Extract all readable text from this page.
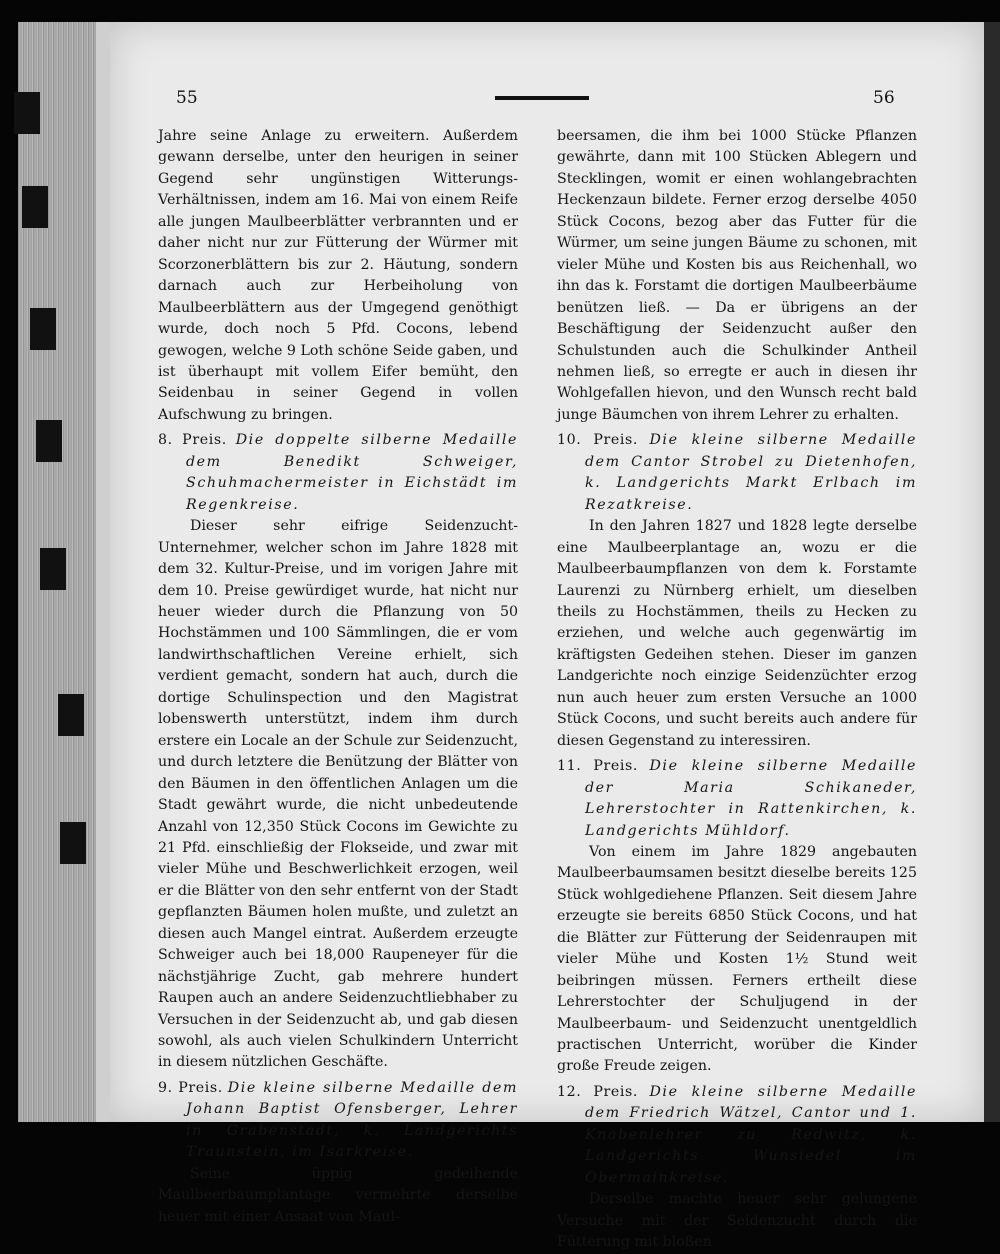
55	56

Jahre seine Anlage zu erweitern. Außerdem gewann derselbe, unter den heurigen in seiner Gegend sehr ungünstigen Witterungs-Verhältnissen, indem am 16. Mai von einem Reife alle jungen Maulbeerblätter verbrannten und er daher nicht nur zur Fütterung der Würmer mit Scorzonerblättern bis zur 2. Häutung, sondern darnach auch zur Herbeiholung von Maulbeerblättern aus der Umgegend genöthigt wurde, doch noch 5 Pfd. Cocons, lebend gewogen, welche 9 Loth schöne Seide gaben, und ist überhaupt mit vollem Eifer bemüht, den Seidenbau in seiner Gegend in vollen Aufschwung zu bringen.

8. Preis. Die doppelte silberne Medaille dem Benedikt Schweiger, Schuhmachermeister in Eichstädt im Regenkreise.

Dieser sehr eifrige Seidenzucht-Unternehmer, welcher schon im Jahre 1828 mit dem 32. Kultur-Preise, und im vorigen Jahre mit dem 10. Preise gewürdiget wurde, hat nicht nur heuer wieder durch die Pflanzung von 50 Hochstämmen und 100 Sämmlingen, die er vom landwirthschaftlichen Vereine erhielt, sich verdient gemacht, sondern hat auch, durch die dortige Schulinspection und den Magistrat lobenswerth unterstützt, indem ihm durch erstere ein Locale an der Schule zur Seidenzucht, und durch letztere die Benützung der Blätter von den Bäumen in den öffentlichen Anlagen um die Stadt gewährt wurde, die nicht unbedeutende Anzahl von 12,350 Stück Cocons im Gewichte zu 21 Pfd. einschließig der Flokseide, und zwar mit vieler Mühe und Beschwerlichkeit erzogen, weil er die Blätter von den sehr entfernt von der Stadt gepflanzten Bäumen holen mußte, und zuletzt an diesen auch Mangel eintrat. Außerdem erzeugte Schweiger auch bei 18,000 Raupeneyer für die nächstjährige Zucht, gab mehrere hundert Raupen auch an andere Seidenzuchtliebhaber zu Versuchen in der Seidenzucht ab, und gab diesen sowohl, als auch vielen Schulkindern Unterricht in diesem nützlichen Geschäfte.

9. Preis. Die kleine silberne Medaille dem Johann Baptist Ofensberger, Lehrer in Grabenstadt, k. Landgerichts Traunstein, im Isarkreise.

Seine üppig gedeihende Maulbeerbaumplantage vermehrte derselbe heuer mit einer Ansaat von Maul-

beersamen, die ihm bei 1000 Stücke Pflanzen gewährte, dann mit 100 Stücken Ablegern und Stecklingen, womit er einen wohlangebrachten Heckenzaun bildete. Ferner erzog derselbe 4050 Stück Cocons, bezog aber das Futter für die Würmer, um seine jungen Bäume zu schonen, mit vieler Mühe und Kosten bis aus Reichenhall, wo ihn das k. Forstamt die dortigen Maulbeerbäume benützen ließ. — Da er übrigens an der Beschäftigung der Seidenzucht außer den Schulstunden auch die Schulkinder Antheil nehmen ließ, so erregte er auch in diesen ihr Wohlgefallen hievon, und den Wunsch recht bald junge Bäumchen von ihrem Lehrer zu erhalten.

10. Preis. Die kleine silberne Medaille dem Cantor Strobel zu Dietenhofen, k. Landgerichts Markt Erlbach im Rezatkreise.

In den Jahren 1827 und 1828 legte derselbe eine Maulbeerplantage an, wozu er die Maulbeerbaumpflanzen von dem k. Forstamte Laurenzi zu Nürnberg erhielt, um dieselben theils zu Hochstämmen, theils zu Hecken zu erziehen, und welche auch gegenwärtig im kräftigsten Gedeihen stehen. Dieser im ganzen Landgerichte noch einzige Seidenzüchter erzog nun auch heuer zum ersten Versuche an 1000 Stück Cocons, und sucht bereits auch andere für diesen Gegenstand zu interessiren.

11. Preis. Die kleine silberne Medaille der Maria Schikaneder, Lehrerstochter in Rattenkirchen, k. Landgerichts Mühldorf.

Von einem im Jahre 1829 angebauten Maulbeerbaumsamen besitzt dieselbe bereits 125 Stück wohlgediehene Pflanzen. Seit diesem Jahre erzeugte sie bereits 6850 Stück Cocons, und hat die Blätter zur Fütterung der Seidenraupen mit vieler Mühe und Kosten 1½ Stund weit beibringen müssen. Ferners ertheilt diese Lehrerstochter der Schuljugend in der Maulbeerbaum- und Seidenzucht unentgeldlich practischen Unterricht, worüber die Kinder große Freude zeigen.

12. Preis. Die kleine silberne Medaille dem Friedrich Wätzel, Cantor und 1. Knabenlehrer zu Redwitz, k. Landgerichts Wunsiedel im Obermainkreise.

Derselbe machte heuer sehr gelungene Versuche mit der Seidenzucht durch die Fütterung mit bloßen
